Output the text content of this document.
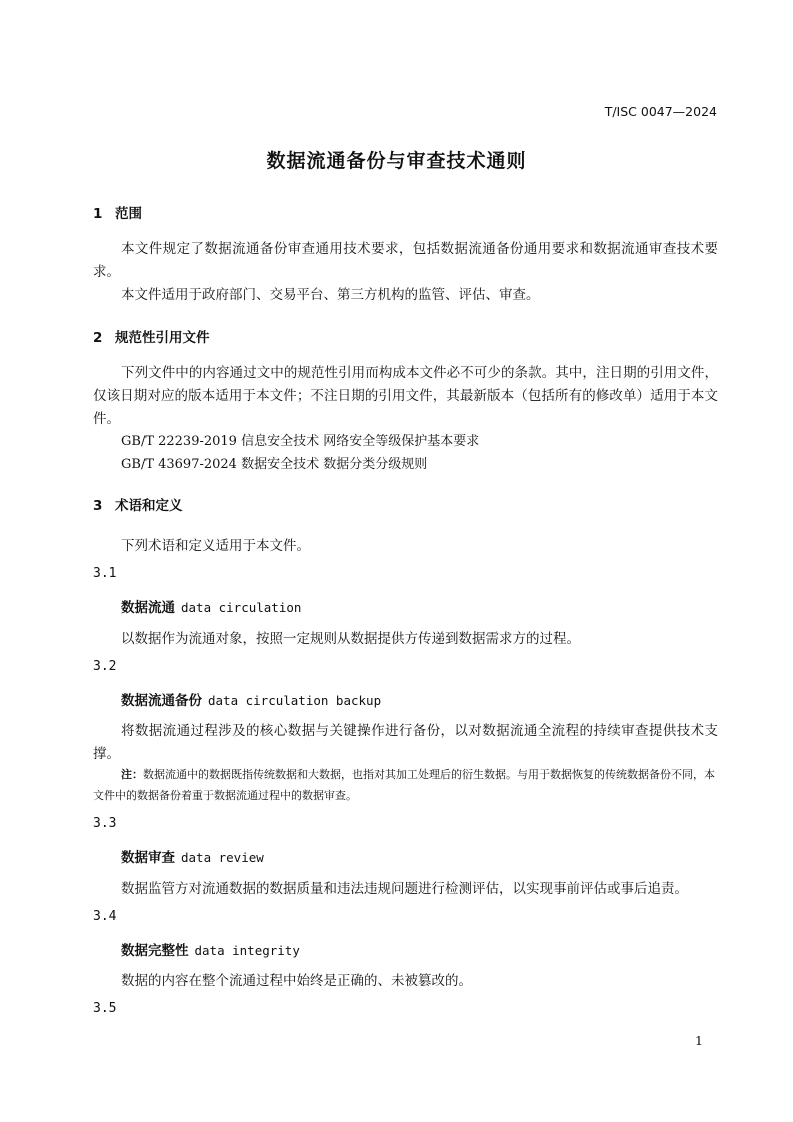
T/ISC 0047—2024
数据流通备份与审查技术通则
1 范围

本文件规定了数据流通备份审查通用技术要求，包括数据流通备份通用要求和数据流通审查技术要求。

本文件适用于政府部门、交易平台、第三方机构的监管、评估、审查。

2 规范性引用文件

下列文件中的内容通过文中的规范性引用而构成本文件必不可少的条款。其中，注日期的引用文件，仅该日期对应的版本适用于本文件；不注日期的引用文件，其最新版本（包括所有的修改单）适用于本文件。

GB/T 22239-2019 信息安全技术 网络安全等级保护基本要求
GB/T 43697-2024 数据安全技术 数据分类分级规则
3 术语和定义
下列术语和定义适用于本文件。
3.1
数据流通 data circulation
以数据作为流通对象，按照一定规则从数据提供方传递到数据需求方的过程。
3.2
数据流通备份 data circulation backup

将数据流通过程涉及的核心数据与关键操作进行备份，以对数据流通全流程的持续审查提供技术支撑。

注：数据流通中的数据既指传统数据和大数据，也指对其加工处理后的衍生数据。与用于数据恢复的传统数据备份不同，本文件中的数据备份着重于数据流通过程中的数据审查。
3.3
数据审查 data review
数据监管方对流通数据的数据质量和违法违规问题进行检测评估，以实现事前评估或事后追责。
3.4
数据完整性 data integrity
数据的内容在整个流通过程中始终是正确的、未被篡改的。
3.5
1
